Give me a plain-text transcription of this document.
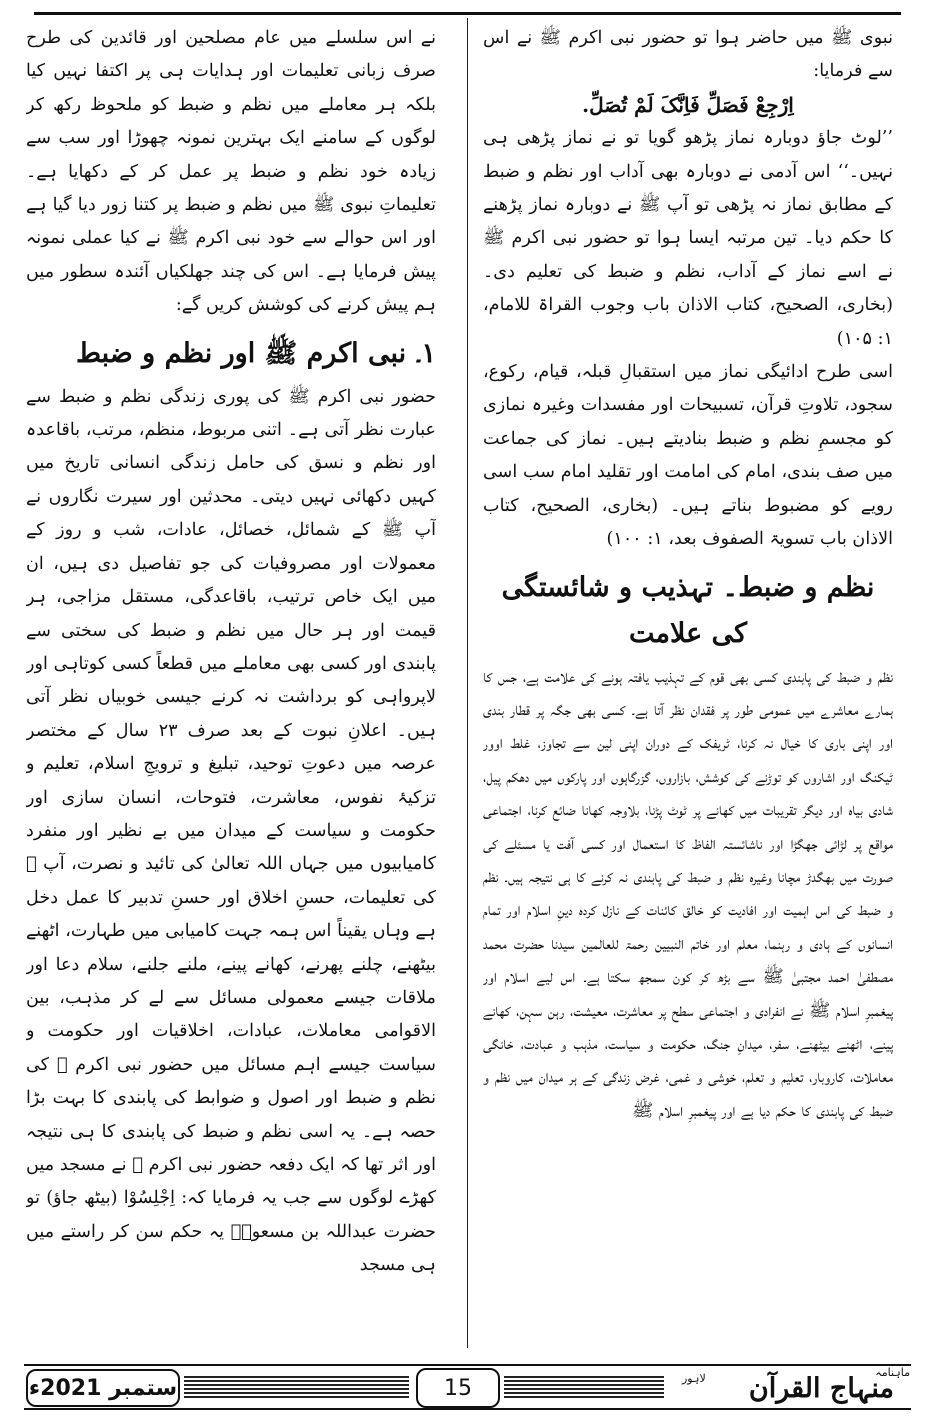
نبوی ﷺ میں حاضر ہوا تو حضور نبی اکرم ﷺ نے اس سے فرمایا:

اِرْجِعْ فَصَلِّ فَاِنَّکَ لَمْ تُصَلِّ.

’’لوٹ جاؤ دوبارہ نماز پڑھو گویا تو نے نماز پڑھی ہی نہیں۔‘‘ اس آدمی نے دوبارہ بھی آداب اور نظم و ضبط کے مطابق نماز نہ پڑھی تو آپ ﷺ نے دوبارہ نماز پڑھنے کا حکم دیا۔ تین مرتبہ ایسا ہوا تو حضور نبی اکرم ﷺ نے اسے نماز کے آداب، نظم و ضبط کی تعلیم دی۔ (بخاری، الصحیح، کتاب الاذان باب وجوب القراۃ للامام، ۱: ۱۰۵)

اسی طرح ادائیگی نماز میں استقبالِ قبلہ، قیام، رکوع، سجود، تلاوتِ قرآن، تسبیحات اور مفسدات وغیرہ نمازی کو مجسمِ نظم و ضبط بنادیتے ہیں۔ نماز کی جماعت میں صف بندی، امام کی امامت اور تقلید امام سب اسی رویے کو مضبوط بناتے ہیں۔ (بخاری، الصحیح، کتاب الاذان باب تسویۃ الصفوف بعد، ۱: ۱۰۰)

نظم و ضبط۔ تہذیب و شائستگی کی علامت

نظم و ضبط کی پابندی کسی بھی قوم کے تہذیب یافتہ ہونے کی علامت ہے، جس کا ہمارے معاشرے میں عمومی طور پر فقدان نظر آتا ہے۔ کسی بھی جگہ پر قطار بندی اور اپنی باری کا خیال نہ کرنا، ٹریفک کے دوران اپنی لین سے تجاوز، غلط اوور ٹیکنگ اور اشاروں کو توڑنے کی کوشش، بازاروں، گزرگاہوں اور پارکوں میں دھکم پیل، شادی بیاہ اور دیگر تقریبات میں کھانے پر ٹوٹ پڑنا، بلاوجہ کھانا ضائع کرنا، اجتماعی مواقع پر لڑائی جھگڑا اور ناشائستہ الفاظ کا استعمال اور کسی آفت یا مسئلے کی صورت میں بھگدڑ مچانا وغیرہ نظم و ضبط کی پابندی نہ کرنے کا ہی نتیجہ ہیں۔ نظم و ضبط کی اس اہمیت اور افادیت کو خالق کائنات کے نازل کردہ دینِ اسلام اور تمام انسانوں کے ہادی و رہنما، معلم اور خاتم النبیین رحمۃ للعالمین سیدنا حضرت محمد مصطفیٰ احمد مجتبیٰ ﷺ سے بڑھ کر کون سمجھ سکتا ہے۔ اس لیے اسلام اور پیغمبرِ اسلام ﷺ نے انفرادی و اجتماعی سطح پر معاشرت، معیشت، رہن سہن، کھانے پینے، اٹھنے بیٹھنے، سفر، میدانِ جنگ، حکومت و سیاست، مذہب و عبادت، خانگی معاملات، کاروبار، تعلیم و تعلم، خوشی و غمی، غرض زندگی کے ہر میدان میں نظم و ضبط کی پابندی کا حکم دیا ہے اور پیغمبرِ اسلام ﷺ

نے اس سلسلے میں عام مصلحین اور قائدین کی طرح صرف زبانی تعلیمات اور ہدایات ہی پر اکتفا نہیں کیا بلکہ ہر معاملے میں نظم و ضبط کو ملحوظ رکھ کر لوگوں کے سامنے ایک بہترین نمونہ چھوڑا اور سب سے زیادہ خود نظم و ضبط پر عمل کر کے دکھایا ہے۔ تعلیماتِ نبوی ﷺ میں نظم و ضبط پر کتنا زور دیا گیا ہے اور اس حوالے سے خود نبی اکرم ﷺ نے کیا عملی نمونہ پیش فرمایا ہے۔ اس کی چند جھلکیاں آئندہ سطور میں ہم پیش کرنے کی کوشش کریں گے:

۱۔ نبی اکرم ﷺ اور نظم و ضبط

حضور نبی اکرم ﷺ کی پوری زندگی نظم و ضبط سے عبارت نظر آتی ہے۔ اتنی مربوط، منظم، مرتب، باقاعدہ اور نظم و نسق کی حامل زندگی انسانی تاریخ میں کہیں دکھائی نہیں دیتی۔ محدثین اور سیرت نگاروں نے آپ ﷺ کے شمائل، خصائل، عادات، شب و روز کے معمولات اور مصروفیات کی جو تفاصیل دی ہیں، ان میں ایک خاص ترتیب، باقاعدگی، مستقل مزاجی، ہر قیمت اور ہر حال میں نظم و ضبط کی سختی سے پابندی اور کسی بھی معاملے میں قطعاً کسی کوتاہی اور لاپرواہی کو برداشت نہ کرنے جیسی خوبیاں نظر آتی ہیں۔ اعلانِ نبوت کے بعد صرف ۲۳ سال کے مختصر عرصہ میں دعوتِ توحید، تبلیغ و ترویجِ اسلام، تعلیم و تزکیۂ نفوس، معاشرت، فتوحات، انسان سازی اور حکومت و سیاست کے میدان میں بے نظیر اور منفرد کامیابیوں میں جہاں اللہ تعالیٰ کی تائید و نصرت، آپ ﷺ کی تعلیمات، حسنِ اخلاق اور حسنِ تدبیر کا عمل دخل ہے وہاں یقیناً اس ہمہ جہت کامیابی میں طہارت، اٹھنے بیٹھنے، چلنے پھرنے، کھانے پینے، ملنے جلنے، سلام دعا اور ملاقات جیسے معمولی مسائل سے لے کر مذہب، بین الاقوامی معاملات، عبادات، اخلاقیات اور حکومت و سیاست جیسے اہم مسائل میں حضور نبی اکرم ﷺ کی نظم و ضبط اور اصول و ضوابط کی پابندی کا بہت بڑا حصہ ہے۔ یہ اسی نظم و ضبط کی پابندی کا ہی نتیجہ اور اثر تھا کہ ایک دفعہ حضور نبی اکرم ﷺ نے مسجد میں کھڑے لوگوں سے جب یہ فرمایا کہ: اِجْلِسُوْا (بیٹھ جاؤ) تو حضرت عبداللہ بن مسعودؓ یہ حکم سن کر راستے میں ہی مسجد

ستمبر 2021ء	15
ماہنامہ
منہاج القرآن
لاہور
